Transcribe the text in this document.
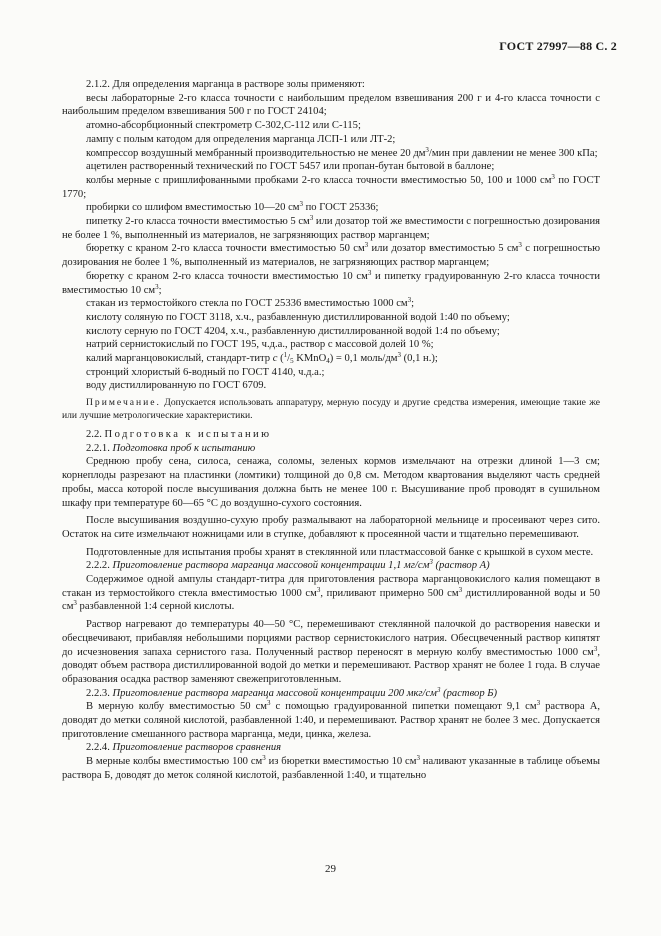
ГОСТ 27997—88 С. 2

2.1.2. Для определения марганца в растворе золы применяют:

весы лабораторные 2-го класса точности с наибольшим пределом взвешивания 200 г и 4-го класса точности с наибольшим пределом взвешивания 500 г по ГОСТ 24104;

атомно-абсорбционный спектрометр С-302,С-112 или С-115;

лампу с полым катодом для определения марганца ЛСП-1 или ЛТ-2;

компрессор воздушный мембранный производительностью не менее 20 $дм^3$/мин при давлении не менее 300 кПа;

ацетилен растворенный технический по ГОСТ 5457 или пропан-бутан бытовой в баллоне;

колбы мерные с пришлифованными пробками 2-го класса точности вместимостью 50, 100 и 1000 $см^3$ по ГОСТ 1770;

пробирки со шлифом вместимостью 10—20 $см^3$ по ГОСТ 25336;

пипетку 2-го класса точности вместимостью 5 $см^3$ или дозатор той же вместимости с погрешностью дозирования не более 1 %, выполненный из материалов, не загрязняющих раствор марганцем;

бюретку с краном 2-го класса точности вместимостью 50 $см^3$ или дозатор вместимостью 5 $см^3$ с погрешностью дозирования не более 1 %, выполненный из материалов, не загрязняющих раствор марганцем;

бюретку с краном 2-го класса точности вместимостью 10 $см^3$ и пипетку градуированную 2-го класса точности вместимостью 10 $см^3$;

стакан из термостойкого стекла по ГОСТ 25336 вместимостью 1000 $см^3$;

кислоту соляную по ГОСТ 3118, х.ч., разбавленную дистиллированной водой 1:40 по объему;

кислоту серную по ГОСТ 4204, х.ч., разбавленную дистиллированной водой 1:4 по объему;

натрий сернистокислый по ГОСТ 195, ч.д.а., раствор с массовой долей 10 %;

калий марганцовокислый, стандарт-титр с ($^1/_5$ KMnO$_4$) = 0,1 моль/$дм^3$ (0,1 н.);

стронций хлористый 6-водный по ГОСТ 4140, ч.д.а.;

воду дистиллированную по ГОСТ 6709.

Примечание. Допускается использовать аппаратуру, мерную посуду и другие средства измерения, имеющие такие же или лучшие метрологические характеристики.

2.2. Подготовка к испытанию

2.2.1. Подготовка проб к испытанию

Среднюю пробу сена, силоса, сенажа, соломы, зеленых кормов измельчают на отрезки длиной 1—3 см; корнеплоды разрезают на пластинки (ломтики) толщиной до 0,8 см. Методом квартования выделяют часть средней пробы, масса которой после высушивания должна быть не менее 100 г. Высушивание проб проводят в сушильном шкафу при температуре 60—65 °С до воздушно-сухого состояния.

После высушивания воздушно-сухую пробу размалывают на лабораторной мельнице и просеивают через сито. Остаток на сите измельчают ножницами или в ступке, добавляют к просеянной части и тщательно перемешивают.

Подготовленные для испытания пробы хранят в стеклянной или пластмассовой банке с крышкой в сухом месте.

2.2.2. Приготовление раствора марганца массовой концентрации 1,1 $мг/см^3$ (раствор А)

Содержимое одной ампулы стандарт-титра для приготовления раствора марганцовокислого калия помещают в стакан из термостойкого стекла вместимостью 1000 $см^3$, приливают примерно 500 $см^3$ дистиллированной воды и 50 $см^3$ разбавленной 1:4 серной кислоты.

Раствор нагревают до температуры 40—50 °С, перемешивают стеклянной палочкой до растворения навески и обесцвечивают, прибавляя небольшими порциями раствор сернистокислого натрия. Обесцвеченный раствор кипятят до исчезновения запаха сернистого газа. Полученный раствор переносят в мерную колбу вместимостью 1000 $см^3$, доводят объем раствора дистиллированной водой до метки и перемешивают. Раствор хранят не более 1 года. В случае образования осадка раствор заменяют свежеприготовленным.

2.2.3. Приготовление раствора марганца массовой концентрации 200 мкг/$см^3$ (раствор Б)

В мерную колбу вместимостью 50 $см^3$ с помощью градуированной пипетки помещают 9,1 $см^3$ раствора А, доводят до метки соляной кислотой, разбавленной 1:40, и перемешивают. Раствор хранят не более 3 мес. Допускается приготовление смешанного раствора марганца, меди, цинка, железа.

2.2.4. Приготовление растворов сравнения

В мерные колбы вместимостью 100 $см^3$ из бюретки вместимостью 10 $см^3$ наливают указанные в таблице объемы раствора Б, доводят до меток соляной кислотой, разбавленной 1:40, и тщательно

29
